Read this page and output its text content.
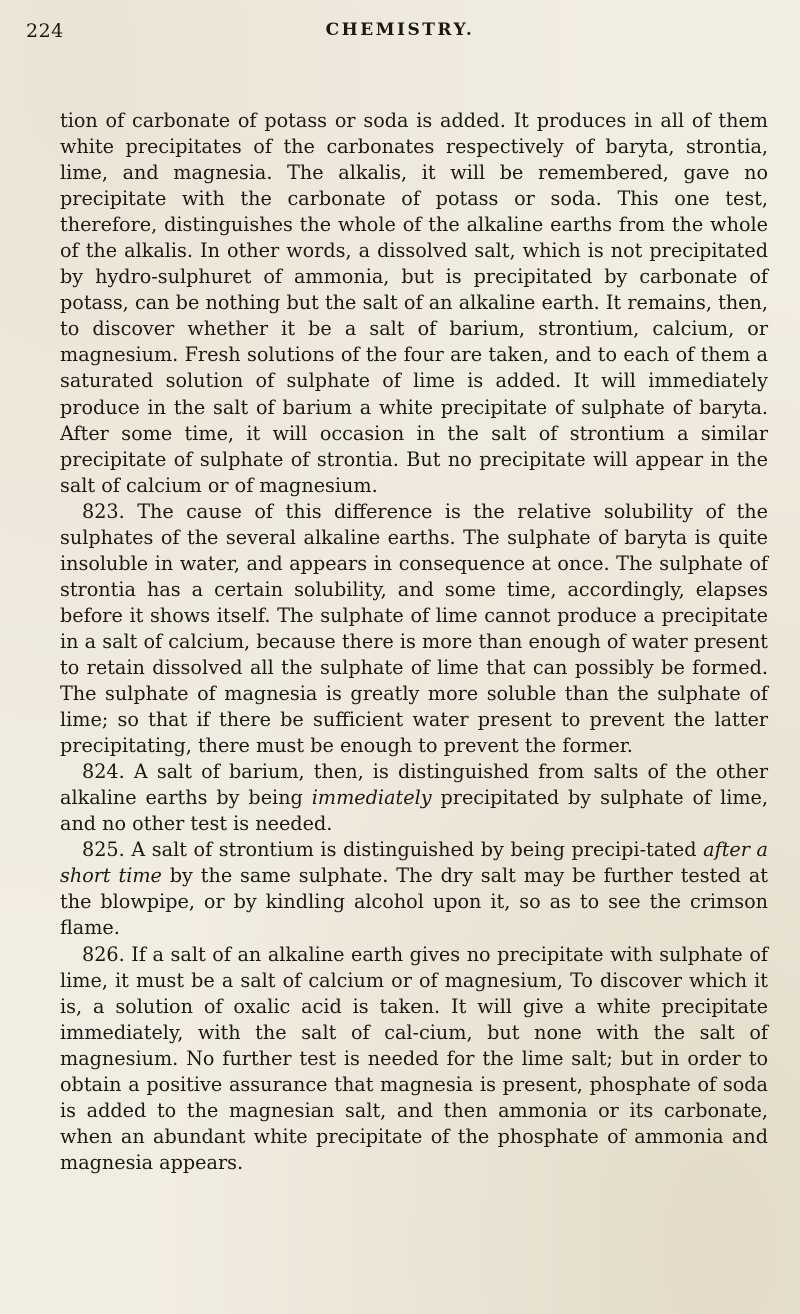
224	CHEMISTRY.

tion of carbonate of potass or soda is added. It produces in all of them white precipitates of the carbonates respectively of baryta, strontia, lime, and magnesia. The alkalis, it will be remembered, gave no precipitate with the carbonate of potass or soda. This one test, therefore, distinguishes the whole of the alkaline earths from the whole of the alkalis. In other words, a dissolved salt, which is not precipitated by hydro-sulphuret of ammonia, but is precipitated by carbonate of potass, can be nothing but the salt of an alkaline earth. It remains, then, to discover whether it be a salt of barium, strontium, calcium, or magnesium. Fresh solutions of the four are taken, and to each of them a saturated solution of sulphate of lime is added. It will immediately produce in the salt of barium a white precipitate of sulphate of baryta. After some time, it will occasion in the salt of strontium a similar precipitate of sulphate of strontia. But no precipitate will appear in the salt of calcium or of magnesium.

823. The cause of this difference is the relative solubility of the sulphates of the several alkaline earths. The sulphate of baryta is quite insoluble in water, and appears in consequence at once. The sulphate of strontia has a certain solubility, and some time, accordingly, elapses before it shows itself. The sulphate of lime cannot produce a precipitate in a salt of calcium, because there is more than enough of water present to retain dissolved all the sulphate of lime that can possibly be formed. The sulphate of magnesia is greatly more soluble than the sulphate of lime; so that if there be sufficient water present to prevent the latter precipitating, there must be enough to prevent the former.

824. A salt of barium, then, is distinguished from salts of the other alkaline earths by being immediately precipitated by sulphate of lime, and no other test is needed.

825. A salt of strontium is distinguished by being precipi-tated after a short time by the same sulphate. The dry salt may be further tested at the blowpipe, or by kindling alcohol upon it, so as to see the crimson flame.

826. If a salt of an alkaline earth gives no precipitate with sulphate of lime, it must be a salt of calcium or of magnesium, To discover which it is, a solution of oxalic acid is taken. It will give a white precipitate immediately, with the salt of cal-cium, but none with the salt of magnesium. No further test is needed for the lime salt; but in order to obtain a positive assurance that magnesia is present, phosphate of soda is added to the magnesian salt, and then ammonia or its carbonate, when an abundant white precipitate of the phosphate of ammonia and magnesia appears.
